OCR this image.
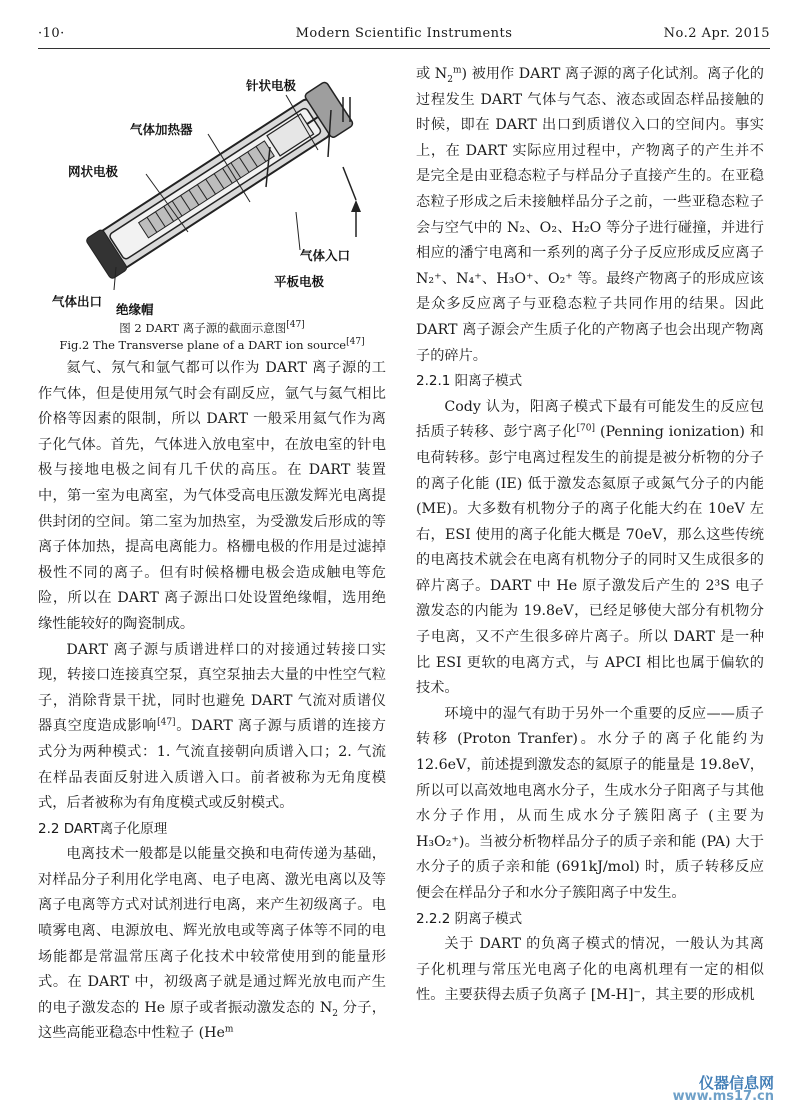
·10·	Modern Scientific Instruments	No.2 Apr. 2015
针状电极
气体加热器
网状电极
气体入口
平板电极
气体出口
绝缘帽

图 2 DART 离子源的截面示意图[47]

Fig.2 The Transverse plane of a DART ion source[47]

氦气、氖气和氩气都可以作为 DART 离子源的工作气体，但是使用氖气时会有副反应，氩气与氦气相比价格等因素的限制，所以 DART 一般采用氦气作为离子化气体。首先，气体进入放电室中，在放电室的针电极与接地电极之间有几千伏的高压。在 DART 装置中，第一室为电离室，为气体受高电压激发辉光电离提供封闭的空间。第二室为加热室，为受激发后形成的等离子体加热，提高电离能力。格栅电极的作用是过滤掉极性不同的离子。但有时候格栅电极会造成触电等危险，所以在 DART 离子源出口处设置绝缘帽，选用绝缘性能较好的陶瓷制成。

DART 离子源与质谱进样口的对接通过转接口实现，转接口连接真空泵，真空泵抽去大量的中性空气粒子，消除背景干扰，同时也避免 DART 气流对质谱仪器真空度造成影响[47]。DART 离子源与质谱的连接方式分为两种模式：1. 气流直接朝向质谱入口；2. 气流在样品表面反射进入质谱入口。前者被称为无角度模式，后者被称为有角度模式或反射模式。

2.2 DART离子化原理

电离技术一般都是以能量交换和电荷传递为基础，对样品分子利用化学电离、电子电离、激光电离以及等离子电离等方式对试剂进行电离，来产生初级离子。电喷雾电离、电源放电、辉光放电或等离子体等不同的电场能都是常温常压离子化技术中较常使用到的能量形式。在 DART 中，初级离子就是通过辉光放电而产生的电子激发态的 He 原子或者振动激发态的 $N_2$ 分子，这些高能亚稳态中性粒子 (He$^m$

或 $N_2^m$) 被用作 DART 离子源的离子化试剂。离子化的过程发生 DART 气体与气态、液态或固态样品接触的时候，即在 DART 出口到质谱仪入口的空间内。事实上，在 DART 实际应用过程中，产物离子的产生并不是完全是由亚稳态粒子与样品分子直接产生的。在亚稳态粒子形成之后未接触样品分子之前，一些亚稳态粒子会与空气中的 N₂、O₂、H₂O 等分子进行碰撞，并进行相应的潘宁电离和一系列的离子分子反应形成反应离子 N₂⁺、N₄⁺、H₃O⁺、O₂⁺ 等。最终产物离子的形成应该是众多反应离子与亚稳态粒子共同作用的结果。因此 DART 离子源会产生质子化的产物离子也会出现产物离子的碎片。

2.2.1 阳离子模式

Cody 认为，阳离子模式下最有可能发生的反应包括质子转移、彭宁离子化[70] (Penning ionization) 和电荷转移。彭宁电离过程发生的前提是被分析物的分子的离子化能 (IE) 低于激发态氦原子或氮气分子的内能 (ME)。大多数有机物分子的离子化能大约在 10eV 左右，ESI 使用的离子化能大概是 70eV，那么这些传统的电离技术就会在电离有机物分子的同时又生成很多的碎片离子。DART 中 He 原子激发后产生的 2³S 电子激发态的内能为 19.8eV，已经足够使大部分有机物分子电离，又不产生很多碎片离子。所以 DART 是一种比 ESI 更软的电离方式，与 APCI 相比也属于偏软的技术。

环境中的湿气有助于另外一个重要的反应——质子转移 (Proton Tranfer)。水分子的离子化能约为 12.6eV，前述提到激发态的氦原子的能量是 19.8eV，所以可以高效地电离水分子，生成水分子阳离子与其他水分子作用，从而生成水分子簇阳离子 (主要为 H₃O₂⁺)。当被分析物样品分子的质子亲和能 (PA) 大于水分子的质子亲和能 (691kJ/mol) 时，质子转移反应便会在样品分子和水分子簇阳离子中发生。

2.2.2 阴离子模式

关于 DART 的负离子模式的情况，一般认为其离子化机理与常压光电离子化的电离机理有一定的相似性。主要获得去质子负离子 [M-H]⁻，其主要的形成机

仪器信息网
www.ms17.cn
